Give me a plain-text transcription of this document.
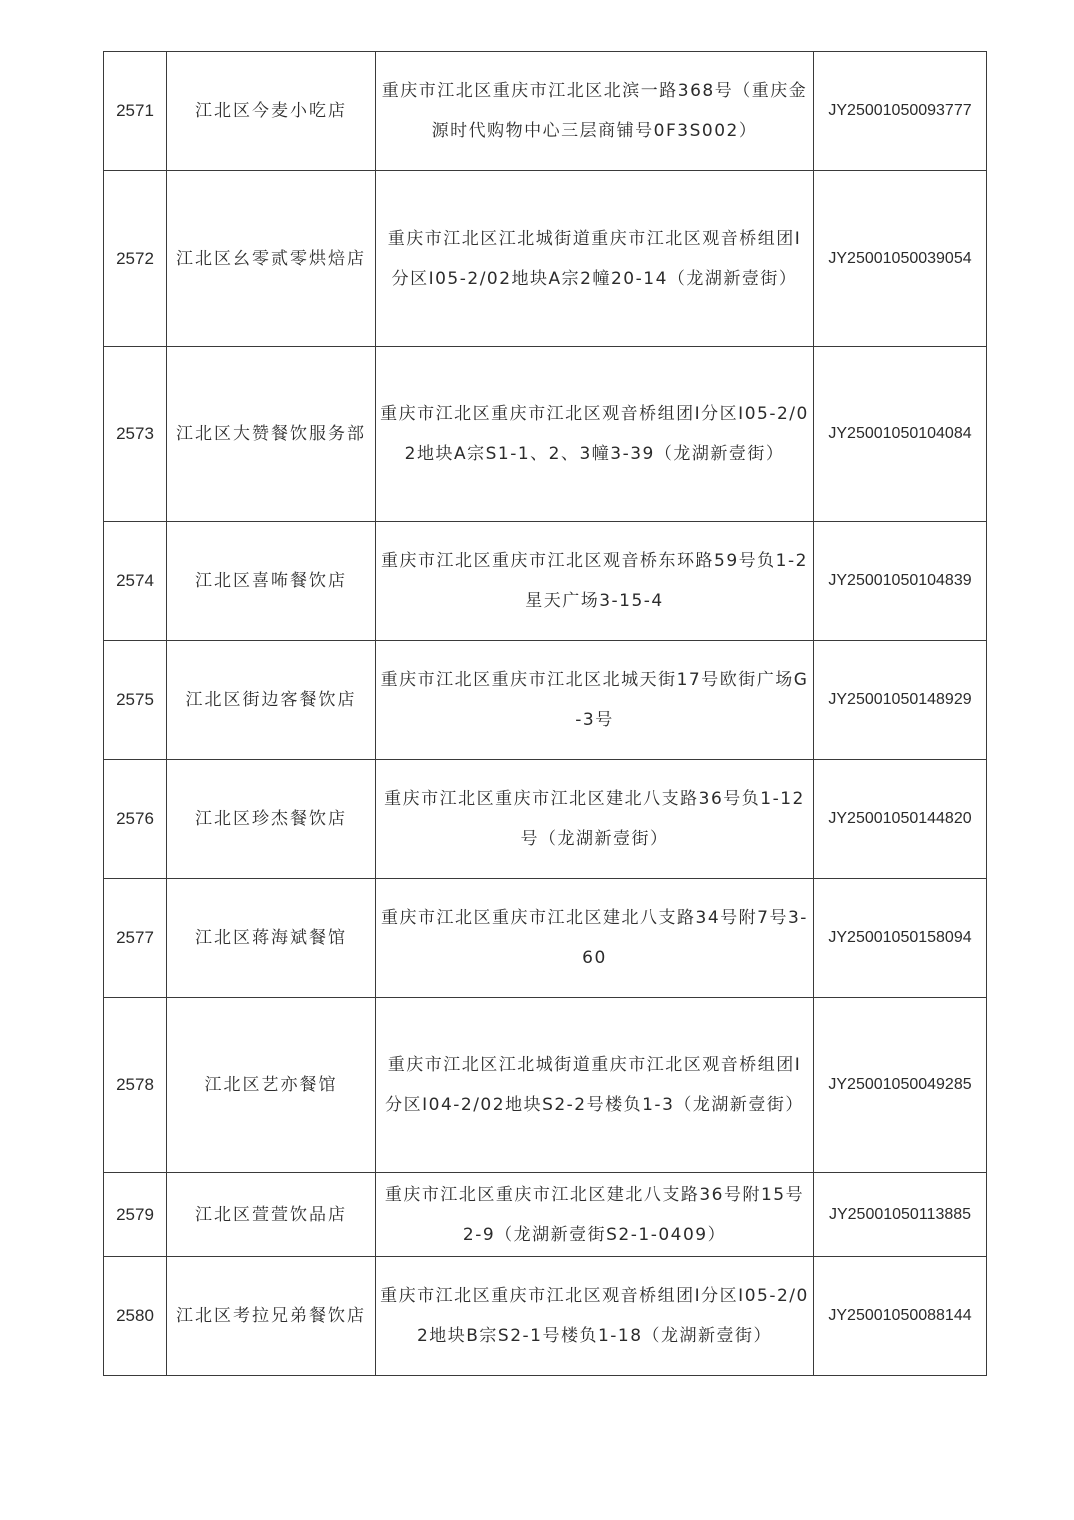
2571	江北区今麦小吃店	重庆市江北区重庆市江北区北滨一路368号（重庆金源时代购物中心三层商铺号0F3S002）	JY25001050093777
2572	江北区幺零贰零烘焙店	重庆市江北区江北城街道重庆市江北区观音桥组团Ⅰ分区I05-2/02地块A宗2幢20-14（龙湖新壹街）	JY25001050039054
2573	江北区大赞餐饮服务部	重庆市江北区重庆市江北区观音桥组团Ⅰ分区I05-2/02地块A宗S1-1、2、3幢3-39（龙湖新壹街）	JY25001050104084
2574	江北区喜咘餐饮店	重庆市江北区重庆市江北区观音桥东环路59号负1-2星天广场3-15-4	JY25001050104839
2575	江北区街边客餐饮店	重庆市江北区重庆市江北区北城天街17号欧街广场G-3号	JY25001050148929
2576	江北区珍杰餐饮店	重庆市江北区重庆市江北区建北八支路36号负1-12号（龙湖新壹街）	JY25001050144820
2577	江北区蒋海斌餐馆	重庆市江北区重庆市江北区建北八支路34号附7号3-60	JY25001050158094
2578	江北区艺亦餐馆	重庆市江北区江北城街道重庆市江北区观音桥组团Ⅰ分区I04-2/02地块S2-2号楼负1-3（龙湖新壹街）	JY25001050049285
2579	江北区萱萱饮品店	重庆市江北区重庆市江北区建北八支路36号附15号2-9（龙湖新壹街S2-1-0409）	JY25001050113885
2580	江北区考拉兄弟餐饮店	重庆市江北区重庆市江北区观音桥组团Ⅰ分区I05-2/02地块B宗S2-1号楼负1-18（龙湖新壹街）	JY25001050088144
